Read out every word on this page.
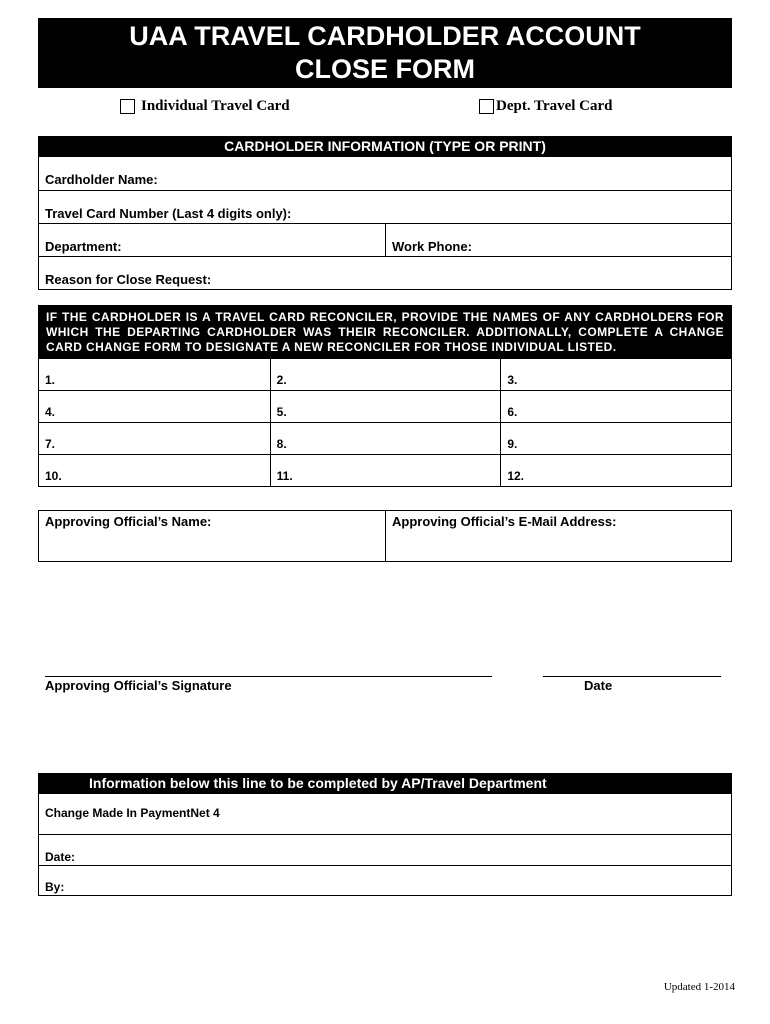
UAA TRAVEL CARDHOLDER ACCOUNT
CLOSE FORM
Individual Travel Card	Dept. Travel Card
CARDHOLDER INFORMATION (TYPE OR PRINT)
Cardholder Name:
Travel Card Number (Last 4 digits only):
Department:	Work Phone:
Reason for Close Request:
IF THE CARDHOLDER IS A TRAVEL CARD RECONCILER, PROVIDE THE NAMES OF ANY CARDHOLDERS FOR WHICH THE DEPARTING CARDHOLDER WAS THEIR RECONCILER. ADDITIONALLY, COMPLETE A CHANGE CARD CHANGE FORM TO DESIGNATE A NEW RECONCILER FOR THOSE INDIVIDUAL LISTED.
1.	2.	3.
4.	5.	6.
7.	8.	9.
10.	11.	12.
Approving Official’s Name:	Approving Official’s E-Mail Address:
Approving Official’s Signature	Date
Information below this line to be completed by AP/Travel Department
Change Made In PaymentNet 4
Date:
By:
Updated 1-2014
